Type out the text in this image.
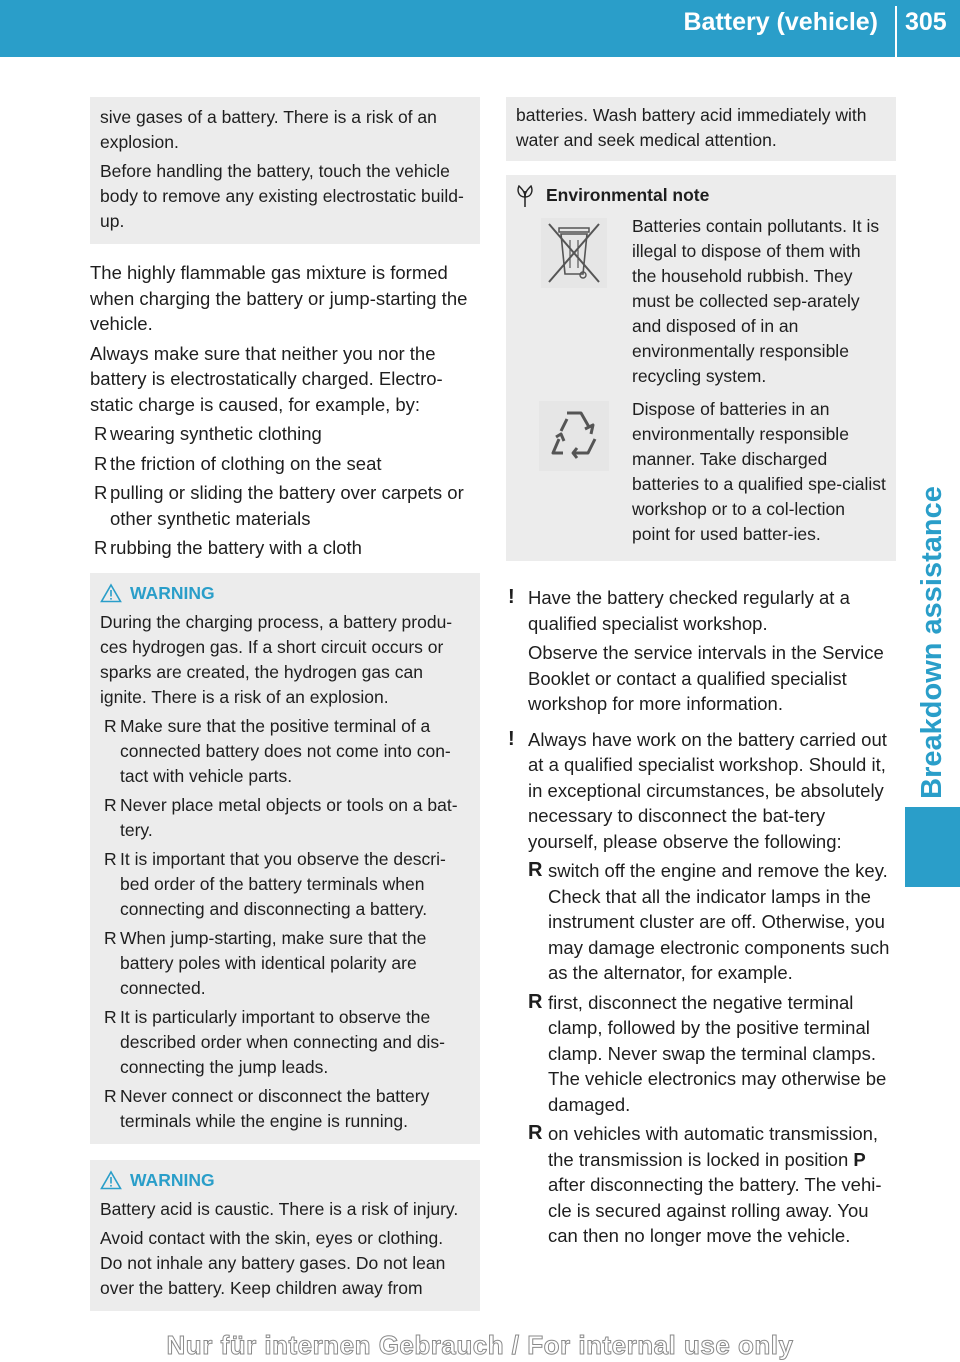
Battery (vehicle) 305
Breakdown assistance

sive gases of a battery. There is a risk of an explosion.

Before handling the battery, touch the vehicle body to remove any existing electrostatic build-up.

The highly flammable gas mixture is formed when charging the battery or jump-starting the vehicle.

Always make sure that neither you nor the battery is electrostatically charged. Electro-static charge is caused, for example, by:

R wearing synthetic clothing
R the friction of clothing on the seat
R pulling or sliding the battery over carpets or other synthetic materials
R rubbing the battery with a cloth
WARNING

During the charging process, a battery produ-ces hydrogen gas. If a short circuit occurs or sparks are created, the hydrogen gas can ignite. There is a risk of an explosion.

R Make sure that the positive terminal of a connected battery does not come into con-tact with vehicle parts.
R Never place metal objects or tools on a bat-tery.
R It is important that you observe the descri-bed order of the battery terminals when connecting and disconnecting a battery.
R When jump-starting, make sure that the battery poles with identical polarity are connected.
R It is particularly important to observe the described order when connecting and dis-connecting the jump leads.
R Never connect or disconnect the battery terminals while the engine is running.
WARNING

Battery acid is caustic. There is a risk of injury.

Avoid contact with the skin, eyes or clothing. Do not inhale any battery gases. Do not lean over the battery. Keep children away from

batteries. Wash battery acid immediately with water and seek medical attention.

Environmental note
Batteries contain pollutants. It is illegal to dispose of them with the household rubbish. They must be collected sep-arately and disposed of in an environmentally responsible recycling system.
Dispose of batteries in an environmentally responsible manner. Take discharged batteries to a qualified spe-cialist workshop or to a col-lection point for used batter-ies.
! Have the battery checked regularly at a qualified specialist workshop.

Observe the service intervals in the Service Booklet or contact a qualified specialist workshop for more information.

! Always have work on the battery carried out at a qualified specialist workshop. Should it, in exceptional circumstances, be absolutely necessary to disconnect the bat-tery yourself, please observe the following:

R switch off the engine and remove the key. Check that all the indicator lamps in the instrument cluster are off. Otherwise, you may damage electronic components such as the alternator, for example.
R first, disconnect the negative terminal clamp, followed by the positive terminal clamp. Never swap the terminal clamps. The vehicle electronics may otherwise be damaged.
R on vehicles with automatic transmission, the transmission is locked in position P after disconnecting the battery. The vehi-cle is secured against rolling away. You can then no longer move the vehicle.
Nur für internen Gebrauch / For internal use only
